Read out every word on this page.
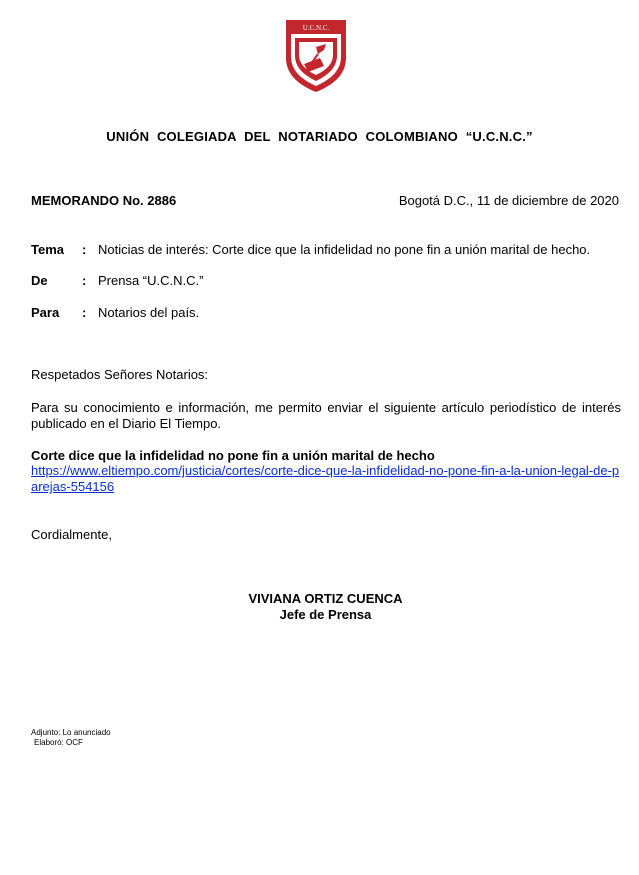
U.C.N.C.
UNIÓN COLEGIADA DEL NOTARIADO COLOMBIANO “U.C.N.C.”
MEMORANDO No. 2886	Bogotá D.C., 11 de diciembre de 2020
Tema : Noticias de interés: Corte dice que la infidelidad no pone fin a unión marital de hecho.
De	: Prensa “U.C.N.C.”
Para : Notarios del país.
Respetados Señores Notarios:
Para su conocimiento e información, me permito enviar el siguiente artículo periodístico de interés publicado en el Diario El Tiempo.
Corte dice que la infidelidad no pone fin a unión marital de hecho
https://www.eltiempo.com/justicia/cortes/corte-dice-que-la-infidelidad-no-pone-fin-a-la-union-legal-de-parejas-554156
Cordialmente,
VIVIANA ORTIZ CUENCA
Jefe de Prensa
Adjunto: Lo anunciado
Elaboró: OCF
